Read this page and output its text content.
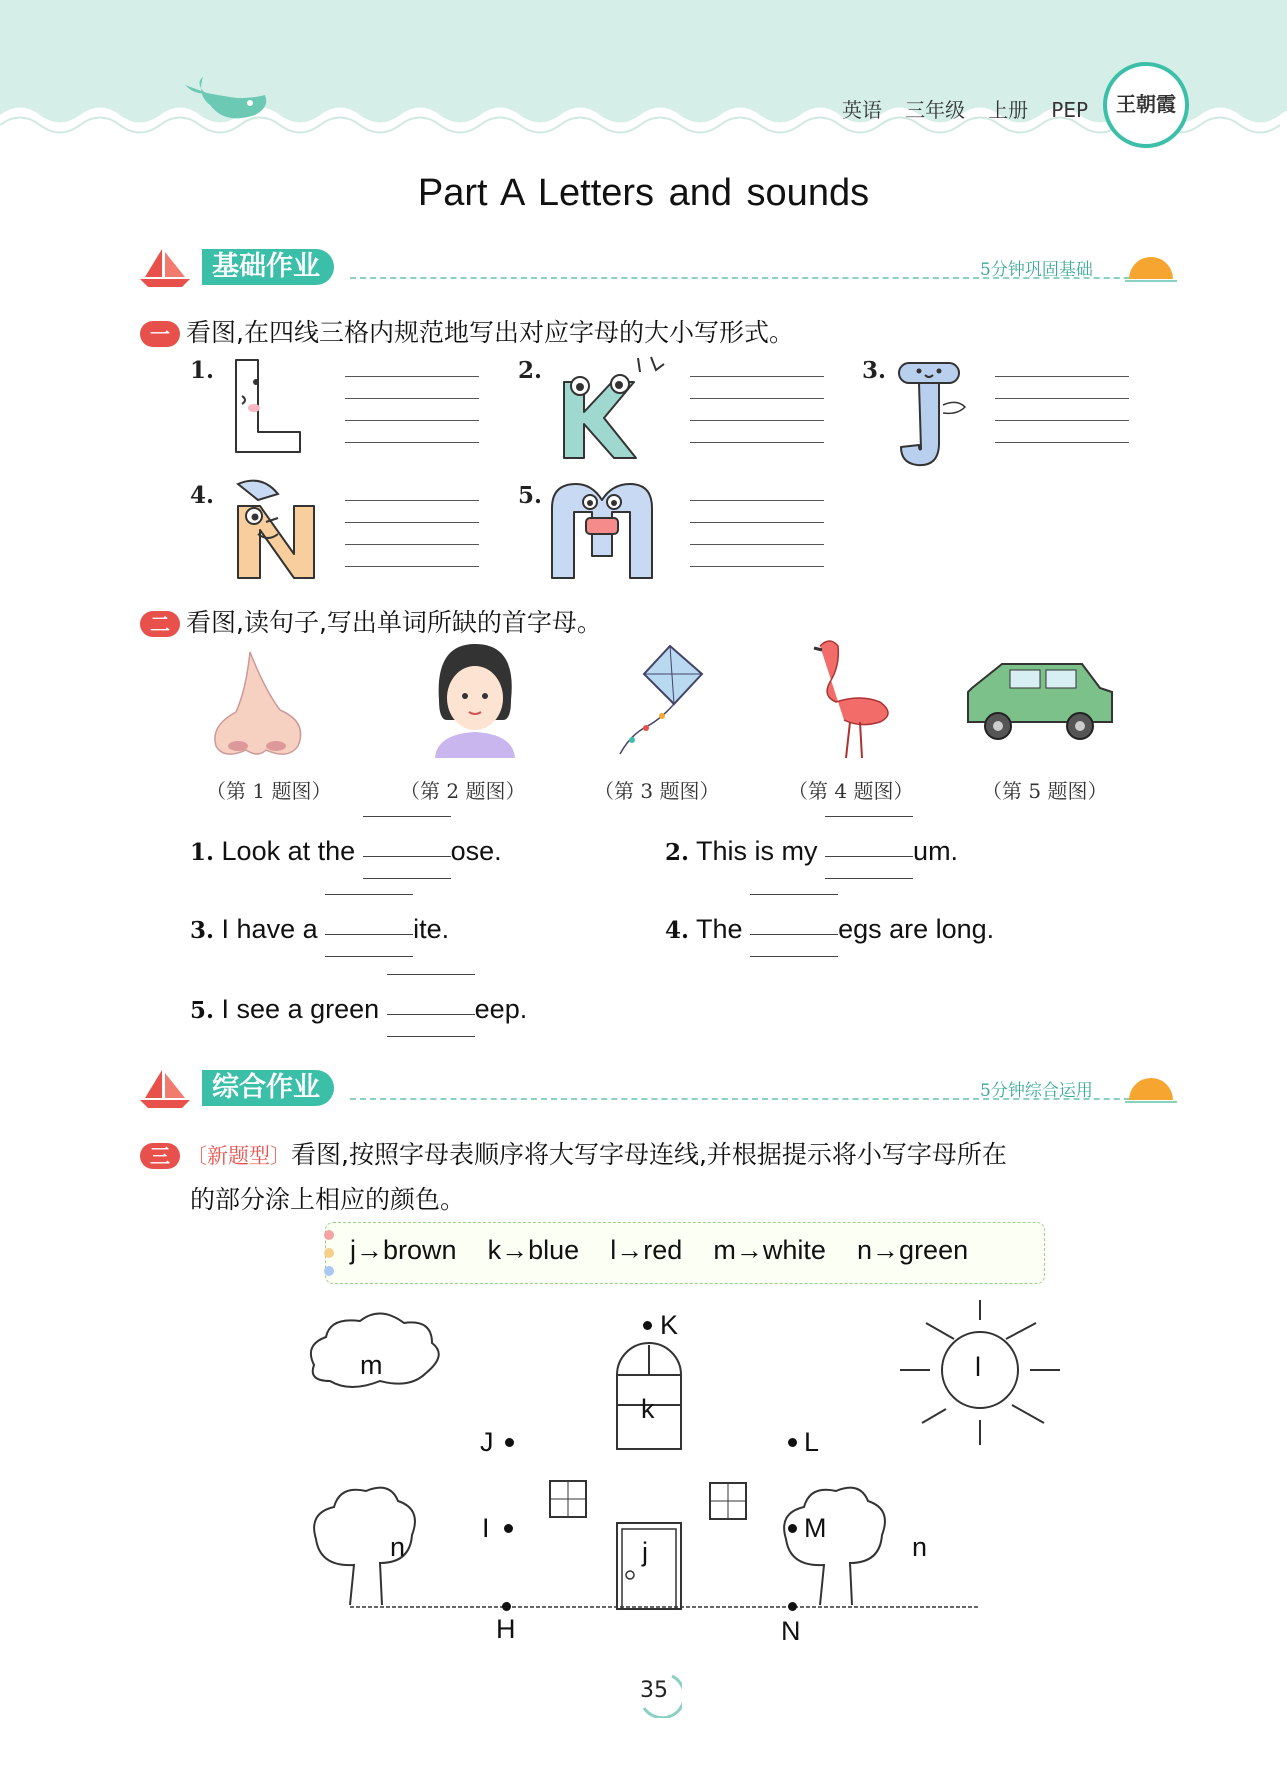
英语 三年级 上册 PEP	王朝霞
Part A Letters and sounds
基础作业	5分钟巩固基础
一 看图,在四线三格内规范地写出对应字母的大小写形式。
1.	2.	3.
4.	5.
二 看图,读句子,写出单词所缺的首字母。
（第 1 题图）	（第 2 题图）	（第 3 题图）	（第 4 题图）	（第 5 题图）
1. Look at the	ose.	2. This is my	um.
3. I have a	ite.	4. The	egs are long.
5. I see a green	eep.
综合作业	5分钟综合运用
三 〔新题型〕看图,按照字母表顺序将大写字母连线,并根据提示将小写字母所在
的部分涂上相应的颜色。
j→brown k→blue l→red m→white n→green
m	l
k
j
n	n
K
J	L
I	M
H	N
35
